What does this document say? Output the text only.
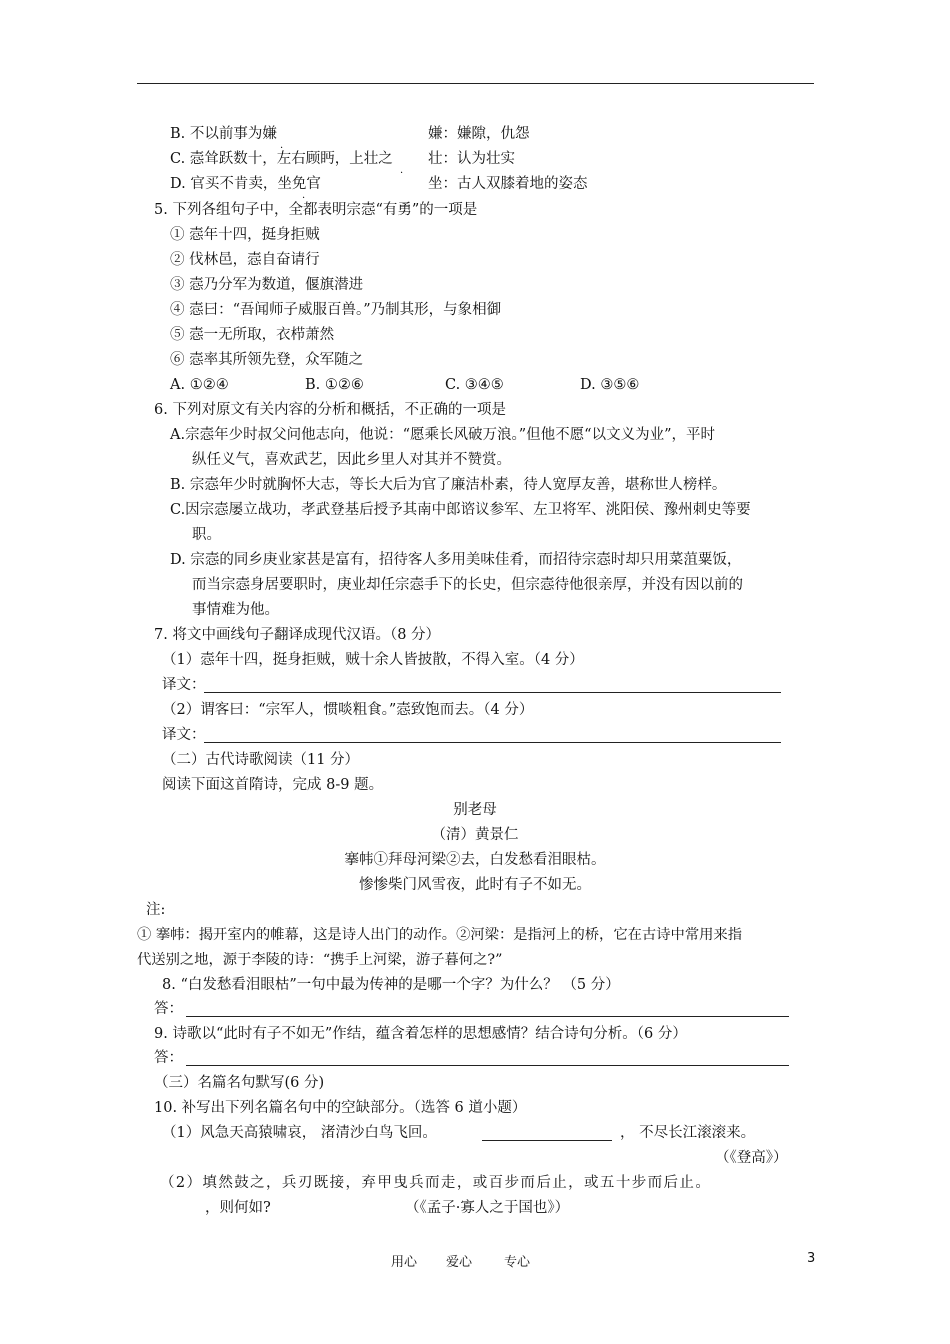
B. 不以前事为嫌	嫌：嫌隙，仇怨
·
C. 悫耸跃数十，左右顾眄，上壮之 壮：认为壮实
·
D. 官买不肯卖，坐免官	坐：古人双膝着地的姿态
·
5. 下列各组句子中，全都表明宗悫“有勇”的一项是
① 悫年十四，挺身拒贼
② 伐林邑，悫自奋请行
③ 悫乃分军为数道，偃旗潜进
④ 悫曰：“吾闻师子威服百兽。”乃制其形，与象相御
⑤ 悫一无所取，衣栉萧然
⑥ 悫率其所领先登，众军随之
A. ①②④	B. ①②⑥	C. ③④⑤	D. ③⑤⑥
6. 下列对原文有关内容的分析和概括，不正确的一项是
A.宗悫年少时叔父问他志向，他说：“愿乘长风破万浪。”但他不愿“以文义为业”，平时
纵任义气，喜欢武艺，因此乡里人对其并不赞赏。
B. 宗悫年少时就胸怀大志，等长大后为官了廉洁朴素，待人宽厚友善，堪称世人榜样。
C.因宗悫屡立战功，孝武登基后授予其南中郎谘议参军、左卫将军、洮阳侯、豫州刺史等要
职。
D. 宗悫的同乡庚业家甚是富有，招待客人多用美味佳肴，而招待宗悫时却只用菜菹粟饭，
而当宗悫身居要职时，庚业却任宗悫手下的长史，但宗悫待他很亲厚，并没有因以前的
事情难为他。
7. 将文中画线句子翻译成现代汉语。（8 分）
（1）悫年十四，挺身拒贼，贼十余人皆披散，不得入室。（4 分）
译文：
（2）谓客曰：“宗军人，惯啖粗食。”悫致饱而去。（4 分）
译文：
（二）古代诗歌阅读（11 分）
阅读下面这首隋诗，完成 8-9 题。
别老母
（清）黄景仁
搴帏①拜母河梁②去，白发愁看泪眼枯。
惨惨柴门风雪夜，此时有子不如无。
注:
① 搴帏：揭开室内的帷幕，这是诗人出门的动作。②河梁：是指河上的桥，它在古诗中常用来指
代送别之地，源于李陵的诗：“携手上河梁，游子暮何之?”
8. “白发愁看泪眼枯”一句中最为传神的是哪一个字？为什么？ （5 分）
答：
9. 诗歌以“此时有子不如无”作结，蕴含着怎样的思想感情？结合诗句分析。（6 分）
答：
（三）名篇名句默写(6 分)
10. 补写出下列名篇名句中的空缺部分。（选答 6 道小题）
（1）风急天高猿啸哀， 渚清沙白鸟飞回。	， 不尽长江滚滚来。
（《登高》）
（2）填然鼓之，兵刃既接，弃甲曳兵而走，或百步而后止，或五十步而后止。
，则何如?	（《孟子·寡人之于国也》）
用心 爱心 专心	3
